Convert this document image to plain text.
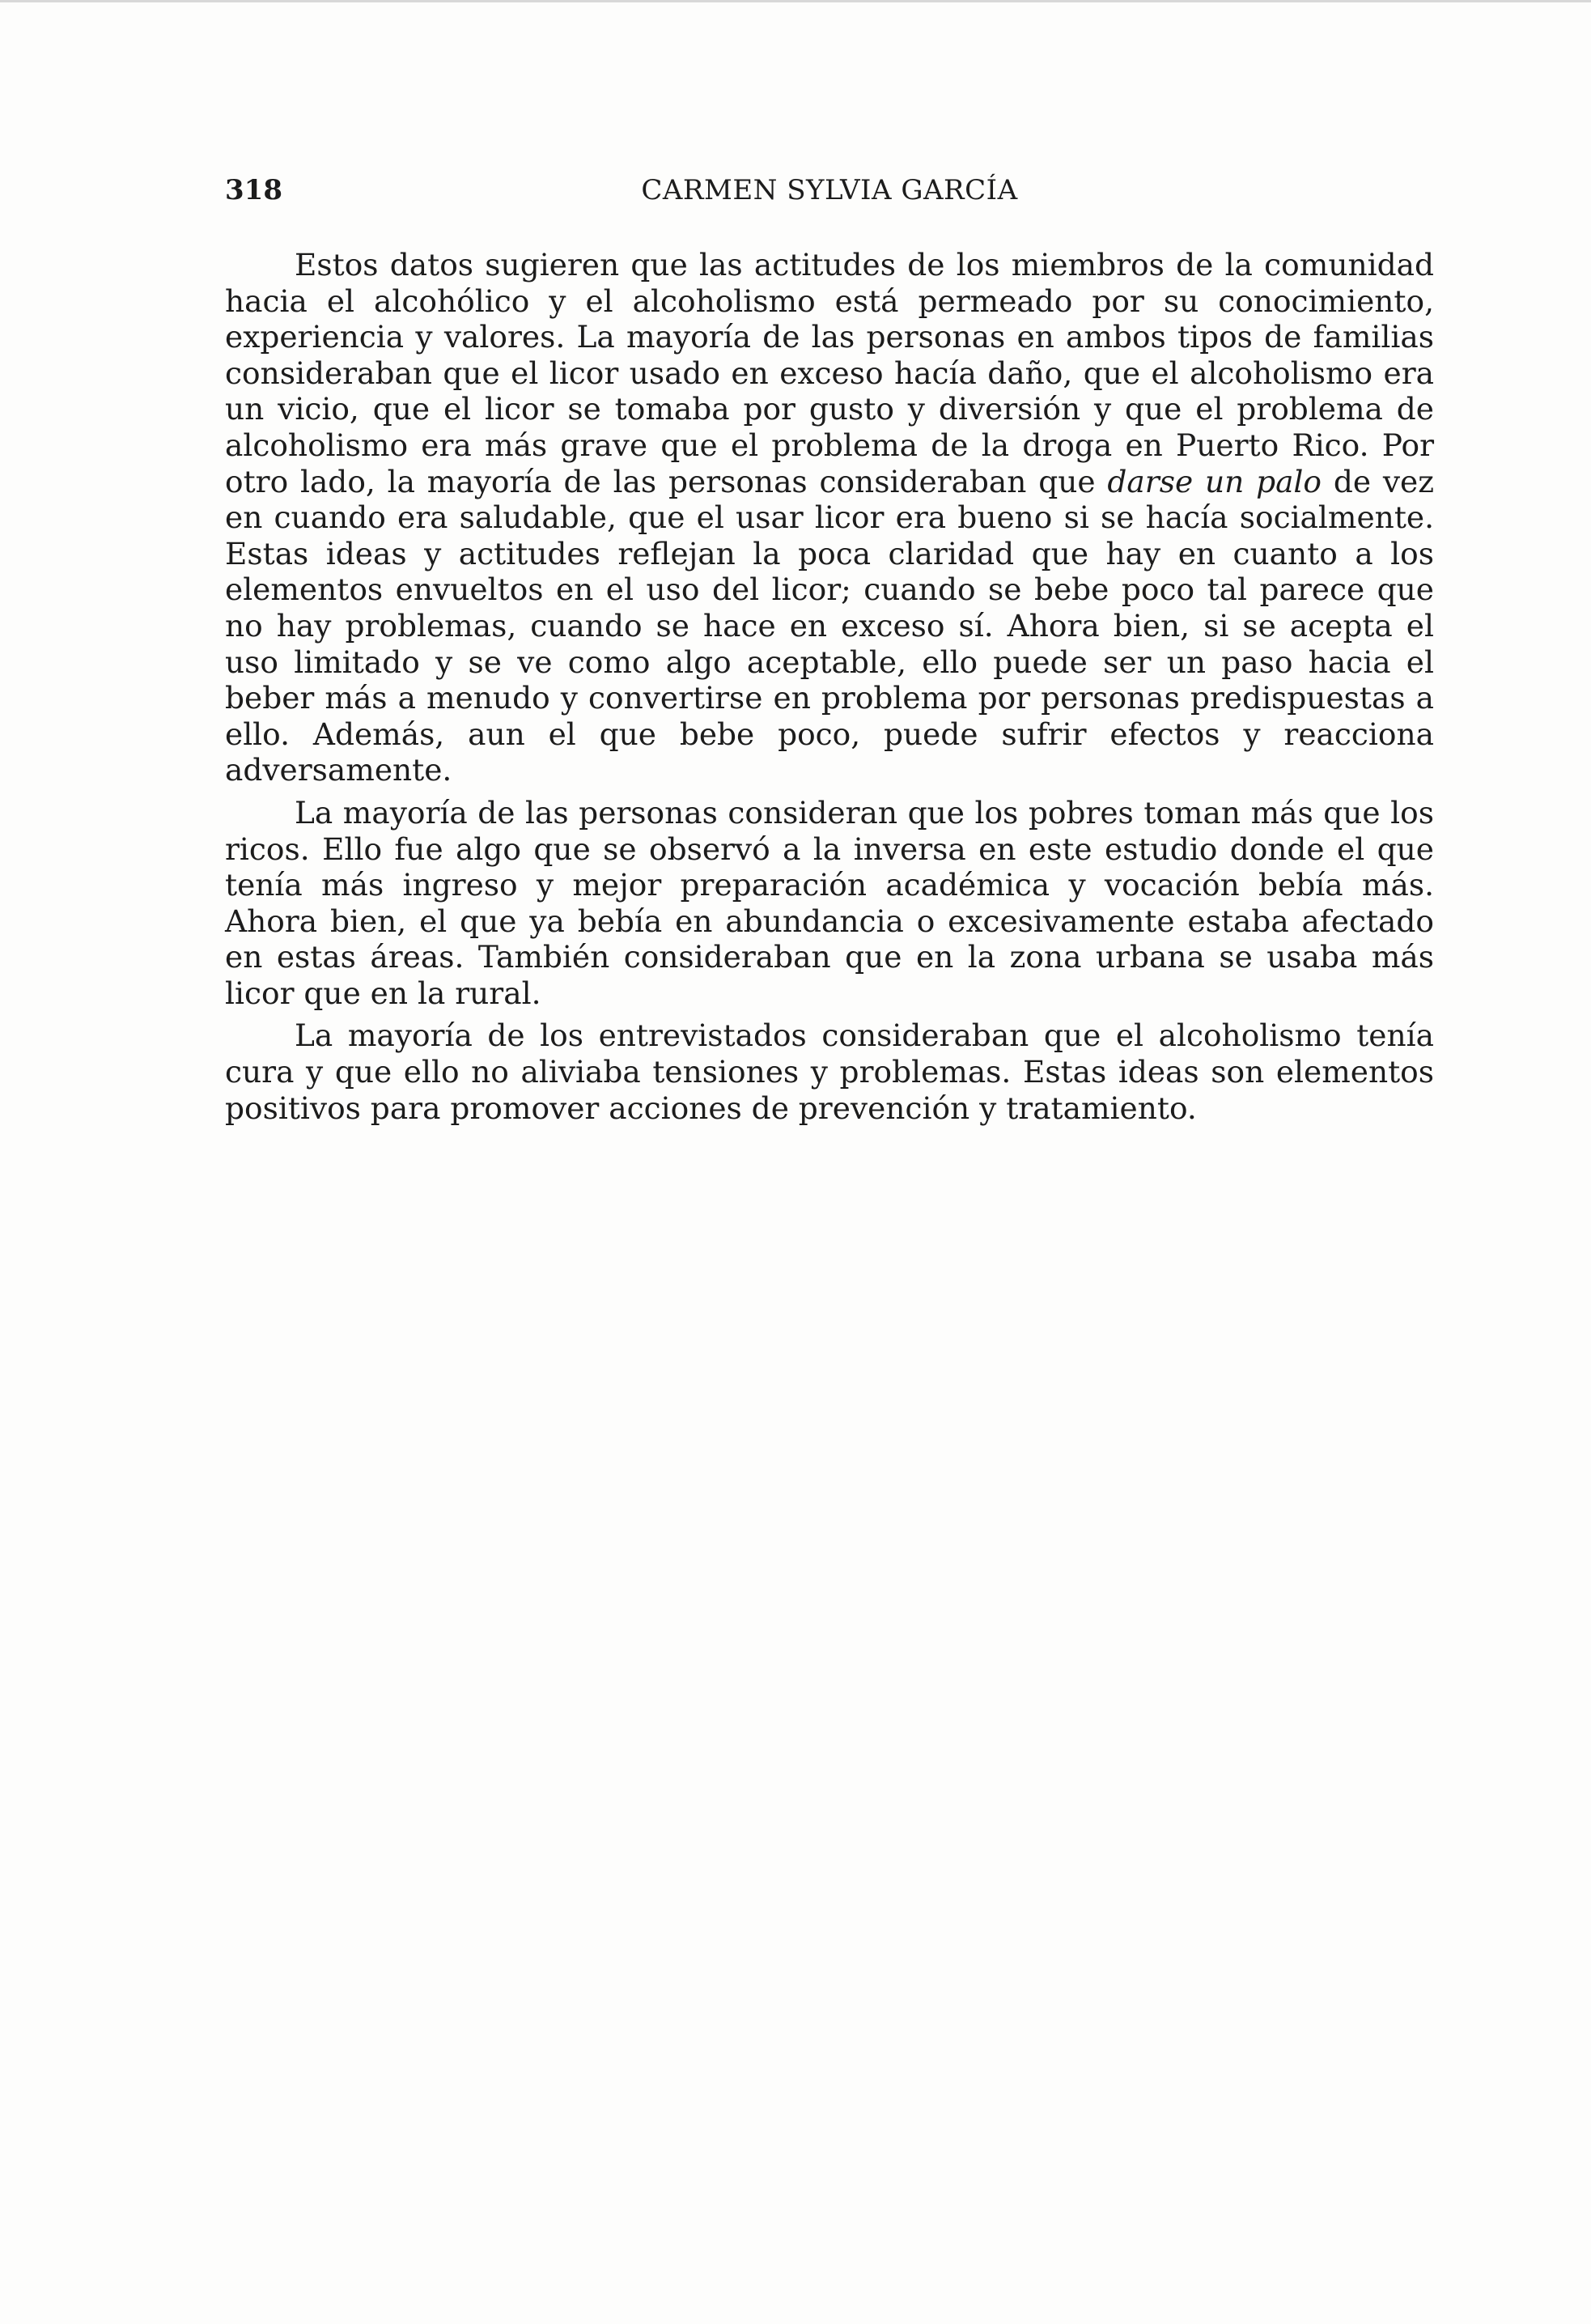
318	CARMEN SYLVIA GARCÍA

Estos datos sugieren que las actitudes de los miembros de la comunidad hacia el alcohólico y el alcoholismo está permeado por su conocimiento, experiencia y valores. La mayoría de las personas en ambos tipos de familias consideraban que el licor usado en exceso hacía daño, que el alcoholismo era un vicio, que el licor se tomaba por gusto y diversión y que el problema de alcoholismo era más grave que el problema de la droga en Puerto Rico. Por otro lado, la mayoría de las personas consideraban que darse un palo de vez en cuando era saludable, que el usar licor era bueno si se hacía socialmente. Estas ideas y actitudes reflejan la poca claridad que hay en cuanto a los elementos envueltos en el uso del licor; cuando se bebe poco tal parece que no hay problemas, cuando se hace en exceso sí. Ahora bien, si se acepta el uso limitado y se ve como algo aceptable, ello puede ser un paso hacia el beber más a menudo y convertirse en problema por personas predispuestas a ello. Además, aun el que bebe poco, puede sufrir efectos y reacciona adversamente.

La mayoría de las personas consideran que los pobres toman más que los ricos. Ello fue algo que se observó a la inversa en este estudio donde el que tenía más ingreso y mejor preparación académica y vocación bebía más. Ahora bien, el que ya bebía en abundancia o excesivamente estaba afectado en estas áreas. También consideraban que en la zona urbana se usaba más licor que en la rural.

La mayoría de los entrevistados consideraban que el alcoholismo tenía cura y que ello no aliviaba tensiones y problemas. Estas ideas son elementos positivos para promover acciones de prevención y tratamiento.
